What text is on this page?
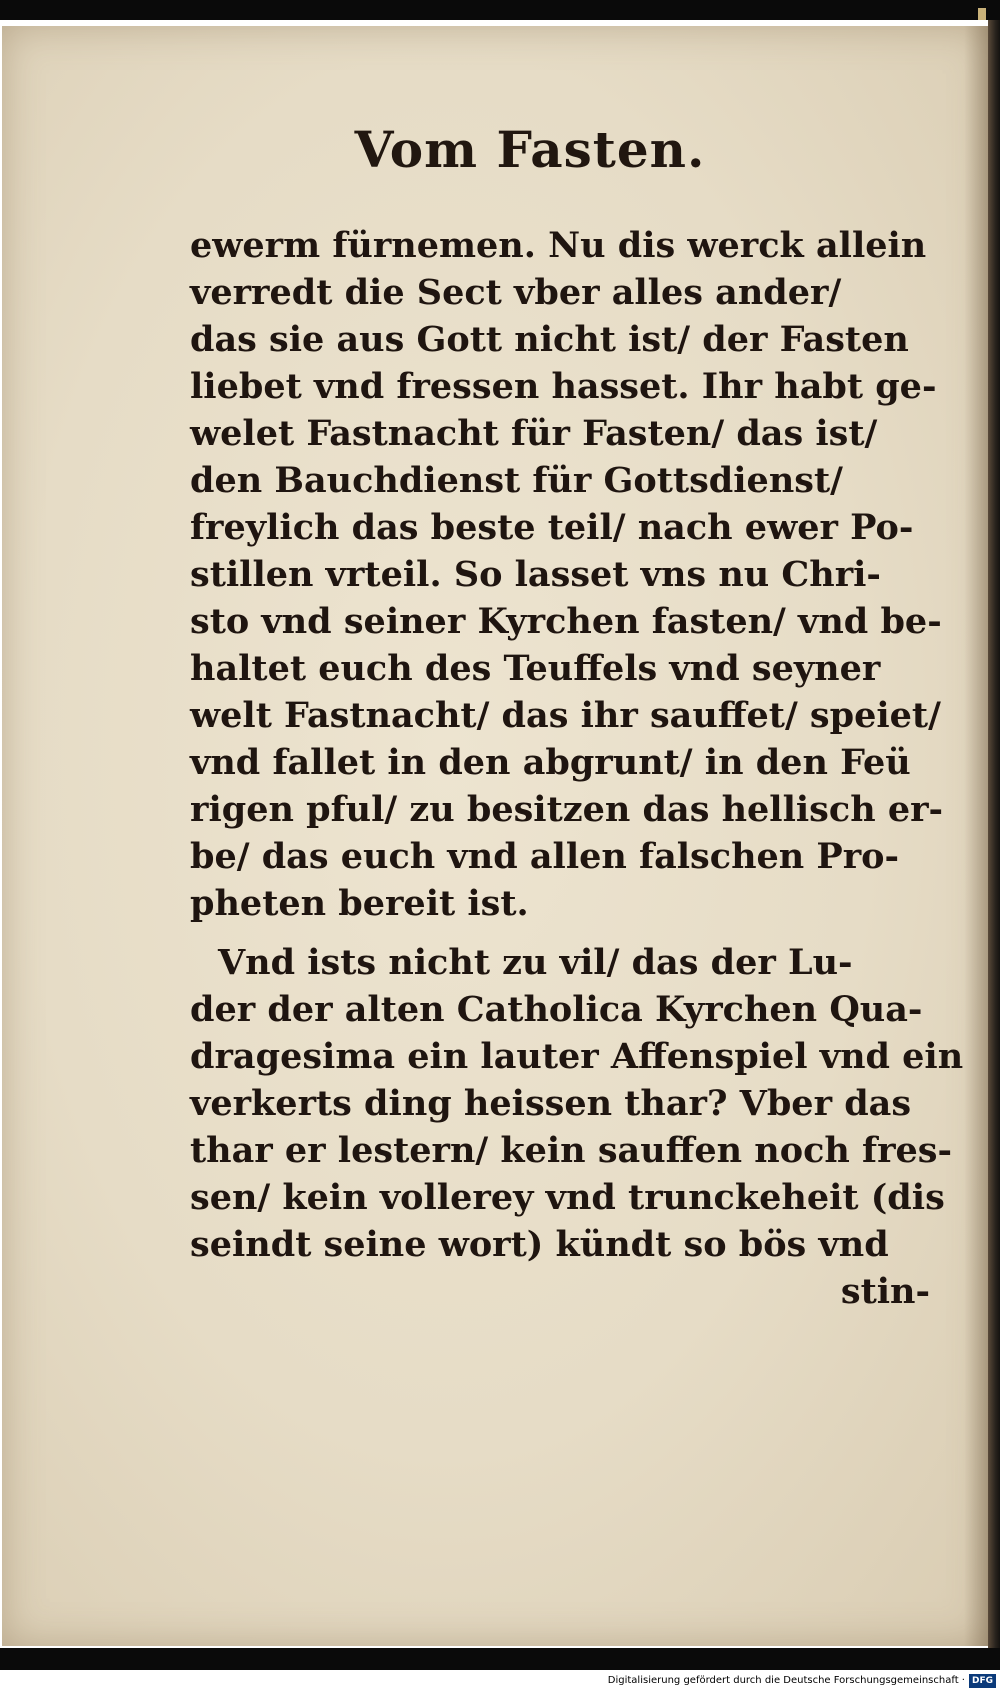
Vom Fasten.
ewerm fürnemen. Nu dis werck allein
verredt die Sect vber alles ander/
das sie aus Gott nicht ist/ der Fasten
liebet vnd fressen hasset. Ihr habt ge-
welet Fastnacht für Fasten/ das ist/
den Bauchdienst für Gottsdienst/
freylich das beste teil/ nach ewer Po-
stillen vrteil. So lasset vns nu Chri-
sto vnd seiner Kyrchen fasten/ vnd be-
haltet euch des Teuffels vnd seyner
welt Fastnacht/ das ihr sauffet/ speiet/
vnd fallet in den abgrunt/ in den Feü
rigen pful/ zu besitzen das hellisch er-
be/ das euch vnd allen falschen Pro-
pheten bereit ist.
Vnd ists nicht zu vil/ das der Lu-
der der alten Catholica Kyrchen Qua-
dragesima ein lauter Affenspiel vnd ein
verkerts ding heissen thar? Vber das
thar er lestern/ kein sauffen noch fres-
sen/ kein vollerey vnd trunckeheit (dis
seindt seine wort) kündt so bös vnd
stin-
Digitalisierung gefördert durch die Deutsche Forschungsgemeinschaft · DFG
